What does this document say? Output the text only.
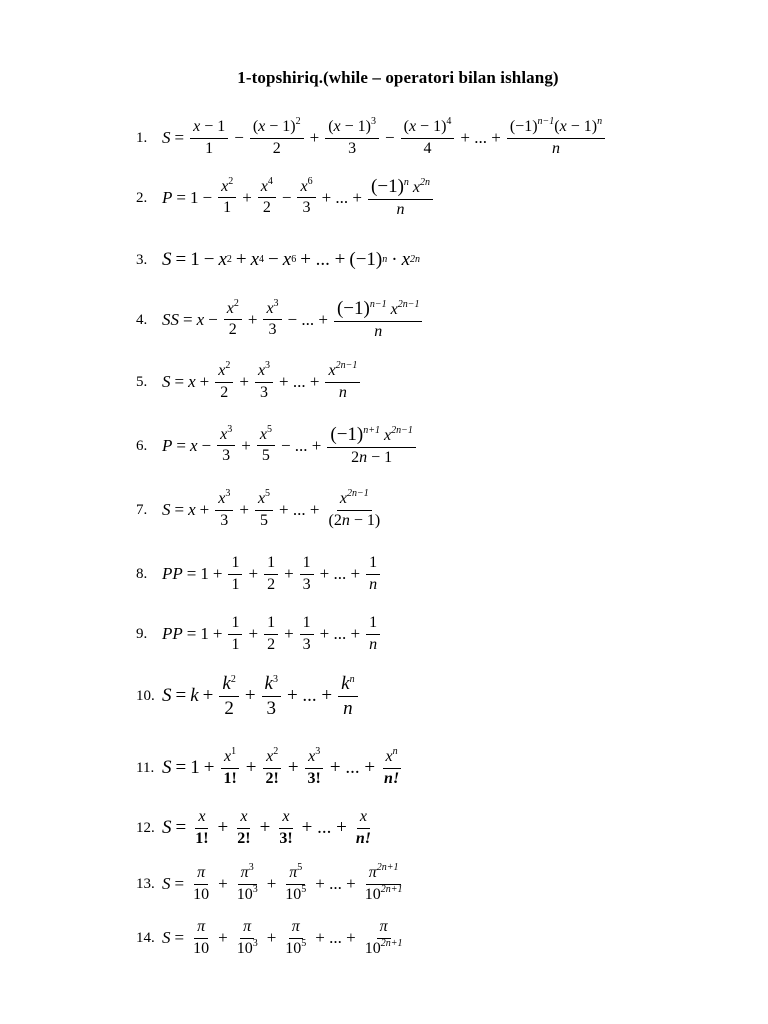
1-topshiriq.(while – operatori bilan ishlang)
1. $S = \frac{x - 1}{1} - \frac{(x - 1)^2}{2} + \frac{(x - 1)^3}{3} - \frac{(x - 1)^4}{4}$ + ... + $\frac{(-1)^{n-1}(x - 1)^n}{n}$
2. $P = 1 - \frac{x^2}{1} + \frac{x^4}{2} - \frac{x^6}{3}$ + ... + $\frac{(-1)^n x^{2n}}{n}$
3. S = 1 − x 2 + x 4 − x 6 + ... + (−1) n · x 2n
4. SS = $x - \frac{x^2}{2} + \frac{x^3}{3}$ − ... + $\frac{(-1)^{n-1} x^{2n-1}}{n}$
5. $S = x + \frac{x^2}{2} + \frac{x^3}{3}$ + ... + $\frac{x^{2n-1}}{n}$
6. $P = x - \frac{x^3}{3} + \frac{x^5}{5}$ − ... + $\frac{(-1)^{n+1} x^{2n-1}}{2n - 1}$
7. $S = x + \frac{x^3}{3} + \frac{x^5}{5}$ + ... + $\frac{x^{2n-1}}{(2n - 1)}$
8. PP = $1 + \frac{1}{1} + \frac{1}{2} + \frac{1}{3}$ + ... + $\frac{1}{n}$
9. PP = $1 + \frac{1}{1} + \frac{1}{2} + \frac{1}{3}$ + ... + $\frac{1}{n}$
10. $S = k + \frac{k^2}{2} + \frac{k^3}{3}$ + ... + $\frac{k^n}{n}$
11. $S = 1 + \frac{x^1}{1!} + \frac{x^2}{2!} + \frac{x^3}{3!}$ + ... + $\frac{x^n}{n!}$
12. $S = \frac{x}{1!} + \frac{x}{2!} + \frac{x}{3!}$ + ... + $\frac{x}{n!}$
13. $S = \frac{\pi}{10} + \frac{\pi^3}{10^3} + \frac{\pi^5}{10^5}$ + ... + $\frac{\pi^{2n+1}}{10^{2n+1}}$
14. $S = \frac{\pi}{10} + \frac{\pi}{10^3} + \frac{\pi}{10^5}$ + ... + $\frac{\pi}{10^{2n+1}}$
